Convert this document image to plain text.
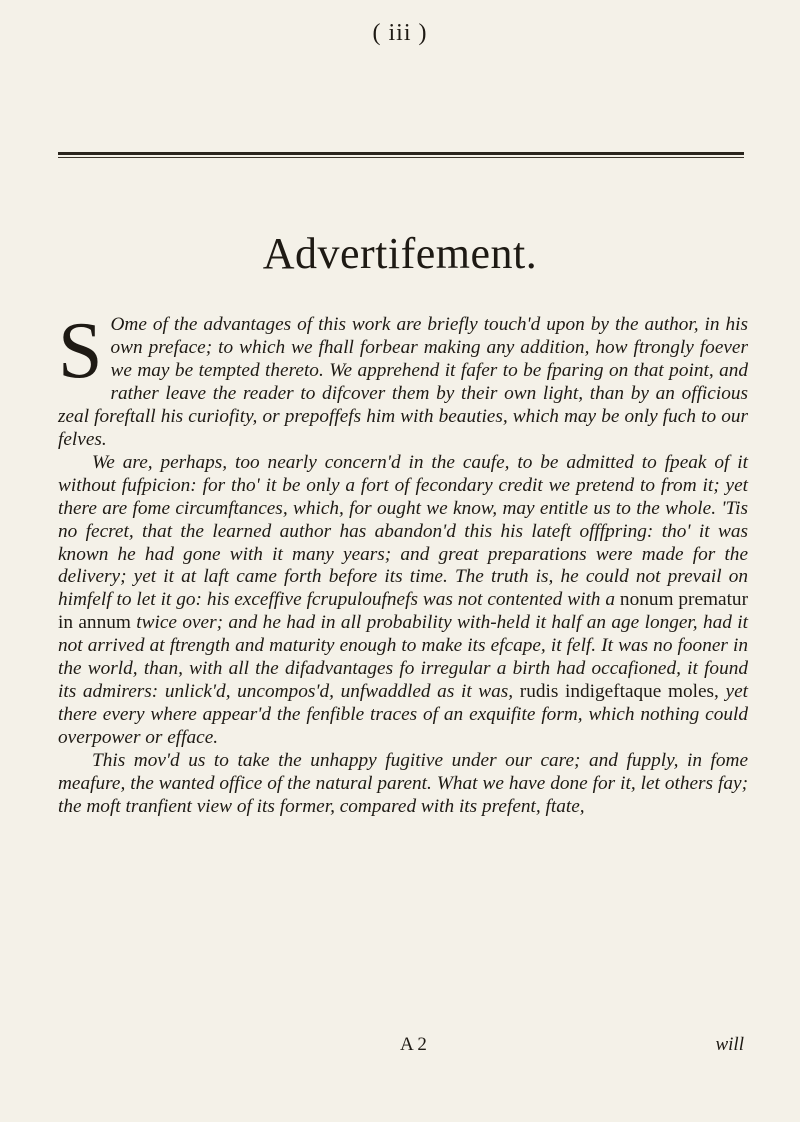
( iii )
Advertifement.

S Ome of the advantages of this work are briefly touch'd upon by the author, in his own preface; to which we fhall forbear making any addition, how ftrongly foever we may be tempted thereto. We apprehend it fafer to be fparing on that point, and rather leave the reader to difcover them by their own light, than by an officious zeal foreftall his curiofity, or prepoffefs him with beauties, which may be only fuch to our felves.

We are, perhaps, too nearly concern'd in the caufe, to be admitted to fpeak of it without fufpicion: for tho' it be only a fort of fecondary credit we pretend to from it; yet there are fome circumftances, which, for ought we know, may entitle us to the whole. 'Tis no fecret, that the learned author has abandon'd this his lateft offfpring: tho' it was known he had gone with it many years; and great preparations were made for the delivery; yet it at laft came forth before its time. The truth is, he could not prevail on himfelf to let it go: his exceffive fcrupuloufnefs was not contented with a nonum prematur in annum twice over; and he had in all probability with-held it half an age longer, had it not arrived at ftrength and maturity enough to make its efcape, it felf. It was no fooner in the world, than, with all the difadvantages fo irregular a birth had occafioned, it found its admirers: unlick'd, uncompos'd, unfwaddled as it was, rudis indigeftaque moles, yet there every where appear'd the fenfible traces of an exquifite form, which nothing could overpower or efface.

This mov'd us to take the unhappy fugitive under our care; and fupply, in fome meafure, the wanted office of the natural parent. What we have done for it, let others fay; the moft tranfient view of its former, compared with its prefent, ftate,

A 2	will
